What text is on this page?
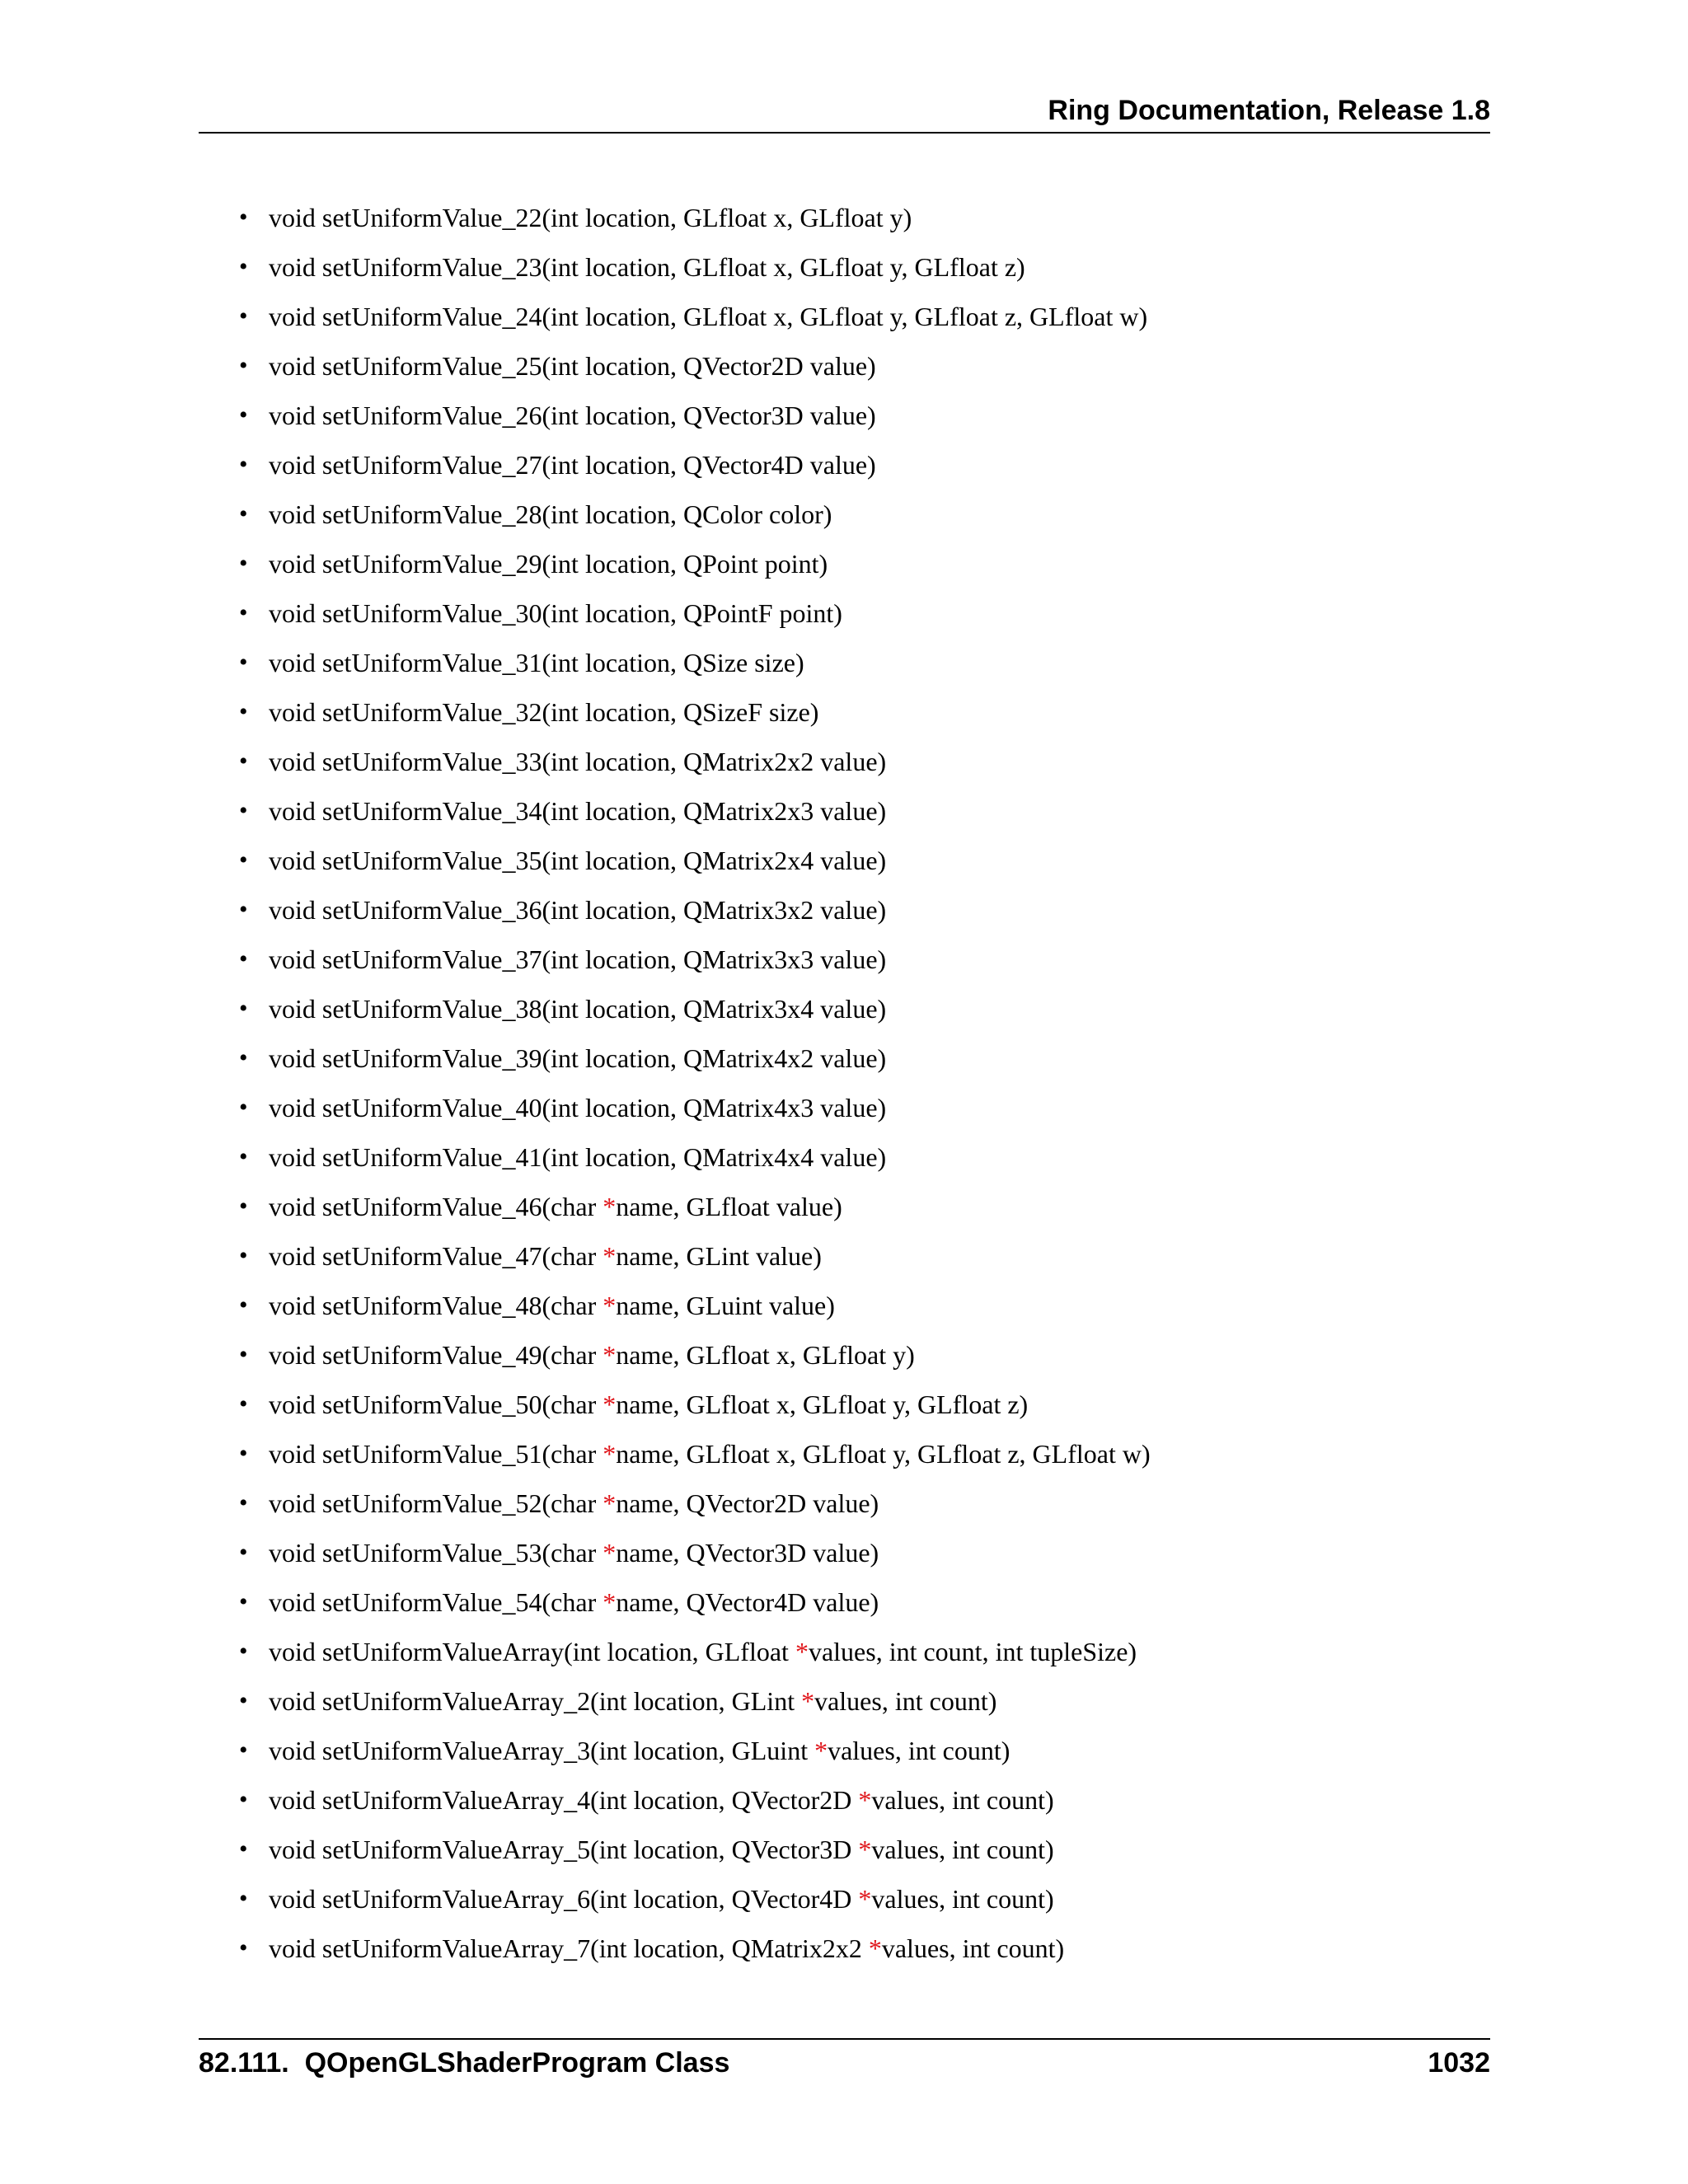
Ring Documentation, Release 1.8
• void setUniformValue_22(int location, GLfloat x, GLfloat y)
• void setUniformValue_23(int location, GLfloat x, GLfloat y, GLfloat z)
• void setUniformValue_24(int location, GLfloat x, GLfloat y, GLfloat z, GLfloat w)
• void setUniformValue_25(int location, QVector2D value)
• void setUniformValue_26(int location, QVector3D value)
• void setUniformValue_27(int location, QVector4D value)
• void setUniformValue_28(int location, QColor color)
• void setUniformValue_29(int location, QPoint point)
• void setUniformValue_30(int location, QPointF point)
• void setUniformValue_31(int location, QSize size)
• void setUniformValue_32(int location, QSizeF size)
• void setUniformValue_33(int location, QMatrix2x2 value)
• void setUniformValue_34(int location, QMatrix2x3 value)
• void setUniformValue_35(int location, QMatrix2x4 value)
• void setUniformValue_36(int location, QMatrix3x2 value)
• void setUniformValue_37(int location, QMatrix3x3 value)
• void setUniformValue_38(int location, QMatrix3x4 value)
• void setUniformValue_39(int location, QMatrix4x2 value)
• void setUniformValue_40(int location, QMatrix4x3 value)
• void setUniformValue_41(int location, QMatrix4x4 value)
• void setUniformValue_46(char *name, GLfloat value)
• void setUniformValue_47(char *name, GLint value)
• void setUniformValue_48(char *name, GLuint value)
• void setUniformValue_49(char *name, GLfloat x, GLfloat y)
• void setUniformValue_50(char *name, GLfloat x, GLfloat y, GLfloat z)
• void setUniformValue_51(char *name, GLfloat x, GLfloat y, GLfloat z, GLfloat w)
• void setUniformValue_52(char *name, QVector2D value)
• void setUniformValue_53(char *name, QVector3D value)
• void setUniformValue_54(char *name, QVector4D value)
• void setUniformValueArray(int location, GLfloat *values, int count, int tupleSize)
• void setUniformValueArray_2(int location, GLint *values, int count)
• void setUniformValueArray_3(int location, GLuint *values, int count)
• void setUniformValueArray_4(int location, QVector2D *values, int count)
• void setUniformValueArray_5(int location, QVector3D *values, int count)
• void setUniformValueArray_6(int location, QVector4D *values, int count)
• void setUniformValueArray_7(int location, QMatrix2x2 *values, int count)
82.111.  QOpenGLShaderProgram Class	1032
